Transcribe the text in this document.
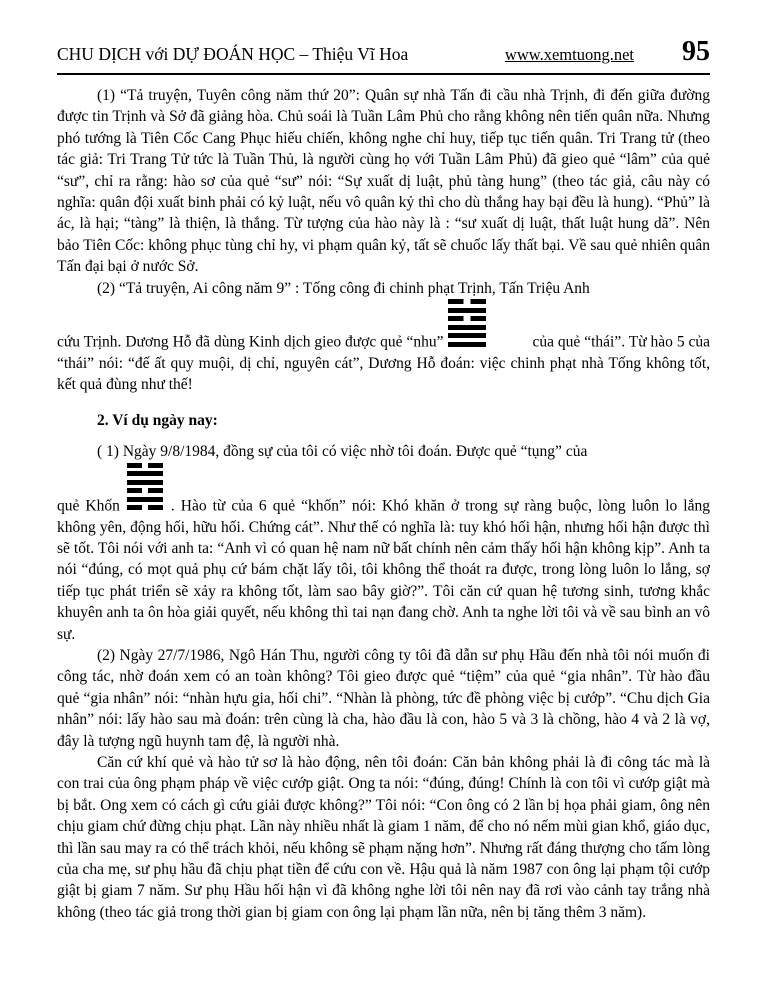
CHU DỊCH với DỰ ĐOÁN HỌC – Thiệu Vĩ Hoa	www.xemtuong.net 95

(1) “Tả truyện, Tuyên công năm thứ 20”: Quân sự nhà Tấn đi cầu nhà Trịnh, đi đến giữa đường được tin Trịnh và Sở đã giảng hòa. Chủ soái là Tuần Lâm Phủ cho rằng không nên tiến quân nữa. Nhưng phó tướng là Tiên Cốc Cang Phục hiếu chiến, không nghe chỉ huy, tiếp tục tiến quân. Tri Trang tử (theo tác giả: Tri Trang Tử tức là Tuần Thủ, là người cùng họ với Tuần Lâm Phủ) đã gieo quẻ “lâm” của quẻ “sư”, chỉ ra rằng: hào sơ của quẻ “sư” nói: “Sự xuất dị luật, phủ tàng hung” (theo tác giả, câu này có nghĩa: quân đội xuất binh phải có kỷ luật, nếu vô quân kỷ thì cho dù thắng hay bại đều là hung). “Phủ” là ác, là hại; “tàng” là thiện, là thắng. Từ tượng của hào này là : “sư xuất dị luật, thất luật hung dã”. Nên bảo Tiên Cốc: không phục tùng chỉ hy, vi phạm quân kỷ, tất sẽ chuốc lấy thất bại. Về sau quẻ nhiên quân Tấn đại bại ở nước Sở.

(2) “Tả truyện, Ai công năm 9” : Tống công đi chinh phạt Trịnh, Tấn Triệu Anh

cứu Trịnh. Dương Hỗ đã dùng Kinh dịch gieo được quẻ “nhu”	của quẻ “thái”. Từ hào 5 của “thái” nói: “đế ất quy muội, dị chỉ, nguyên cát”, Dương Hỗ đoán: việc chinh phạt nhà Tống không tốt, kết quả đùng như thế!

2. Ví dụ ngày nay:

( 1) Ngày 9/8/1984, đồng sự của tôi có việc nhờ tôi đoán. Được quẻ “tụng” của

quẻ Khốn	. Hào từ của 6 quẻ “khốn” nói: Khó khăn ở trong sự ràng buộc, lòng luôn lo lắng không yên, động hối, hữu hối. Chứng cát”. Như thế có nghĩa là: tuy khó hối hận, nhưng hối hận được thì sẽ tốt. Tôi nói với anh ta: “Anh vì có quan hệ nam nữ bất chính nên cảm thấy hối hận không kịp”. Anh ta nói “đúng, có mọt quả phụ cứ bám chặt lấy tôi, tôi không thể thoát ra được, trong lòng luôn lo lắng, sợ tiếp tục phát triển sẽ xảy ra không tốt, làm sao bây giờ?”. Tôi căn cứ quan hệ tương sinh, tương khắc khuyên anh ta ôn hòa giải quyết, nếu không thì tai nạn đang chờ. Anh ta nghe lời tôi và về sau bình an vô sự.

(2) Ngày 27/7/1986, Ngô Hán Thu, người công ty tôi đã dẫn sư phụ Hầu đến nhà tôi nói muốn đi công tác, nhờ đoán xem có an toàn không? Tôi gieo được quẻ “tiệm” của quẻ “gia nhân”. Từ hào đầu quẻ “gia nhân” nói: “nhàn hựu gia, hối chi”. “Nhàn là phòng, tức đề phòng việc bị cướp”. “Chu dịch Gia nhân” nói: lấy hào sau mà đoán: trên cùng là cha, hào đầu là con, hào 5 và 3 là chồng, hào 4 và 2 là vợ, đây là tượng ngũ huynh tam đệ, là người nhà.

Căn cứ khí quẻ và hào tử sơ là hào động, nên tôi đoán: Căn bản không phải là đi công tác mà là con trai của ông phạm pháp về việc cướp giật. Ong ta nói: “đúng, đúng! Chính là con tôi vì cướp giật mà bị bắt. Ong xem có cách gì cứu giải được không?” Tôi nói: “Con ông có 2 lần bị họa phải giam, ông nên chịu giam chứ đừng chịu phạt. Lần này nhiều nhất là giam 1 năm, để cho nó nếm mùi gian khổ, giáo dục, thì lần sau may ra có thể trách khỏi, nếu không sẽ phạm nặng hơn”. Nhưng rất đáng thượng cho tấm lòng của cha mẹ, sư phụ hầu đã chịu phạt tiền để cứu con về. Hậu quả là năm 1987 con ông lại phạm tội cướp giật bị giam 7 năm. Sư phụ Hầu hối hận vì đã không nghe lời tôi nên nay đã rơi vào cảnh tay trắng nhà không (theo tác giả trong thời gian bị giam con ông lại phạm lần nữa, nên bị tăng thêm 3 năm).
